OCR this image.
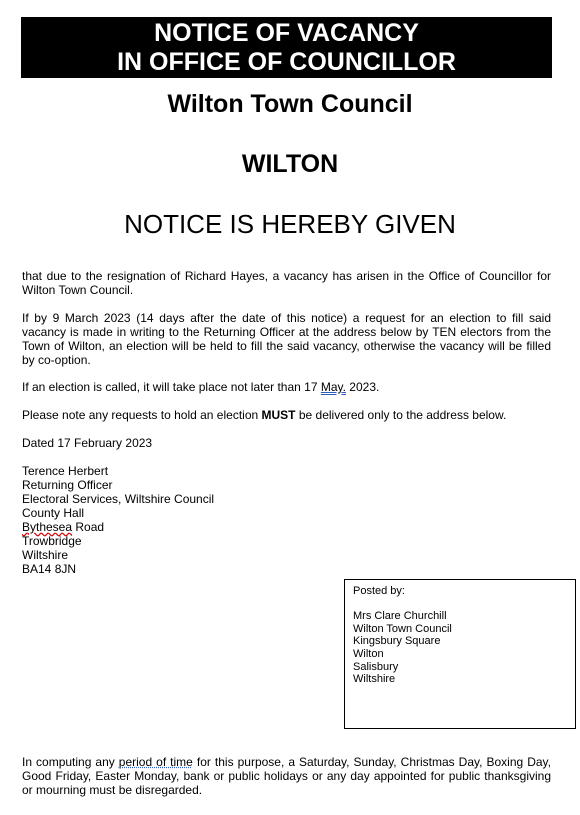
NOTICE OF VACANCY
IN OFFICE OF COUNCILLOR
Wilton Town Council
WILTON
NOTICE IS HEREBY GIVEN

that due to the resignation of Richard Hayes, a vacancy has arisen in the Office of Councillor for Wilton Town Council.

If by 9 March 2023 (14 days after the date of this notice) a request for an election to fill said vacancy is made in writing to the Returning Officer at the address below by TEN electors from the Town of Wilton, an election will be held to fill the said vacancy, otherwise the vacancy will be filled by co-option.

If an election is called, it will take place not later than 17 May. 2023.

Please note any requests to hold an election MUST be delivered only to the address below.

Dated 17 February 2023

Terence Herbert
Returning Officer
Electoral Services, Wiltshire Council
County Hall
Bythesea Road
Trowbridge
Wiltshire
BA14 8JN
Posted by:
Mrs Clare Churchill
Wilton Town Council
Kingsbury Square
Wilton
Salisbury
Wiltshire

In computing any period of time for this purpose, a Saturday, Sunday, Christmas Day, Boxing Day, Good Friday, Easter Monday, bank or public holidays or any day appointed for public thanksgiving or mourning must be disregarded.
